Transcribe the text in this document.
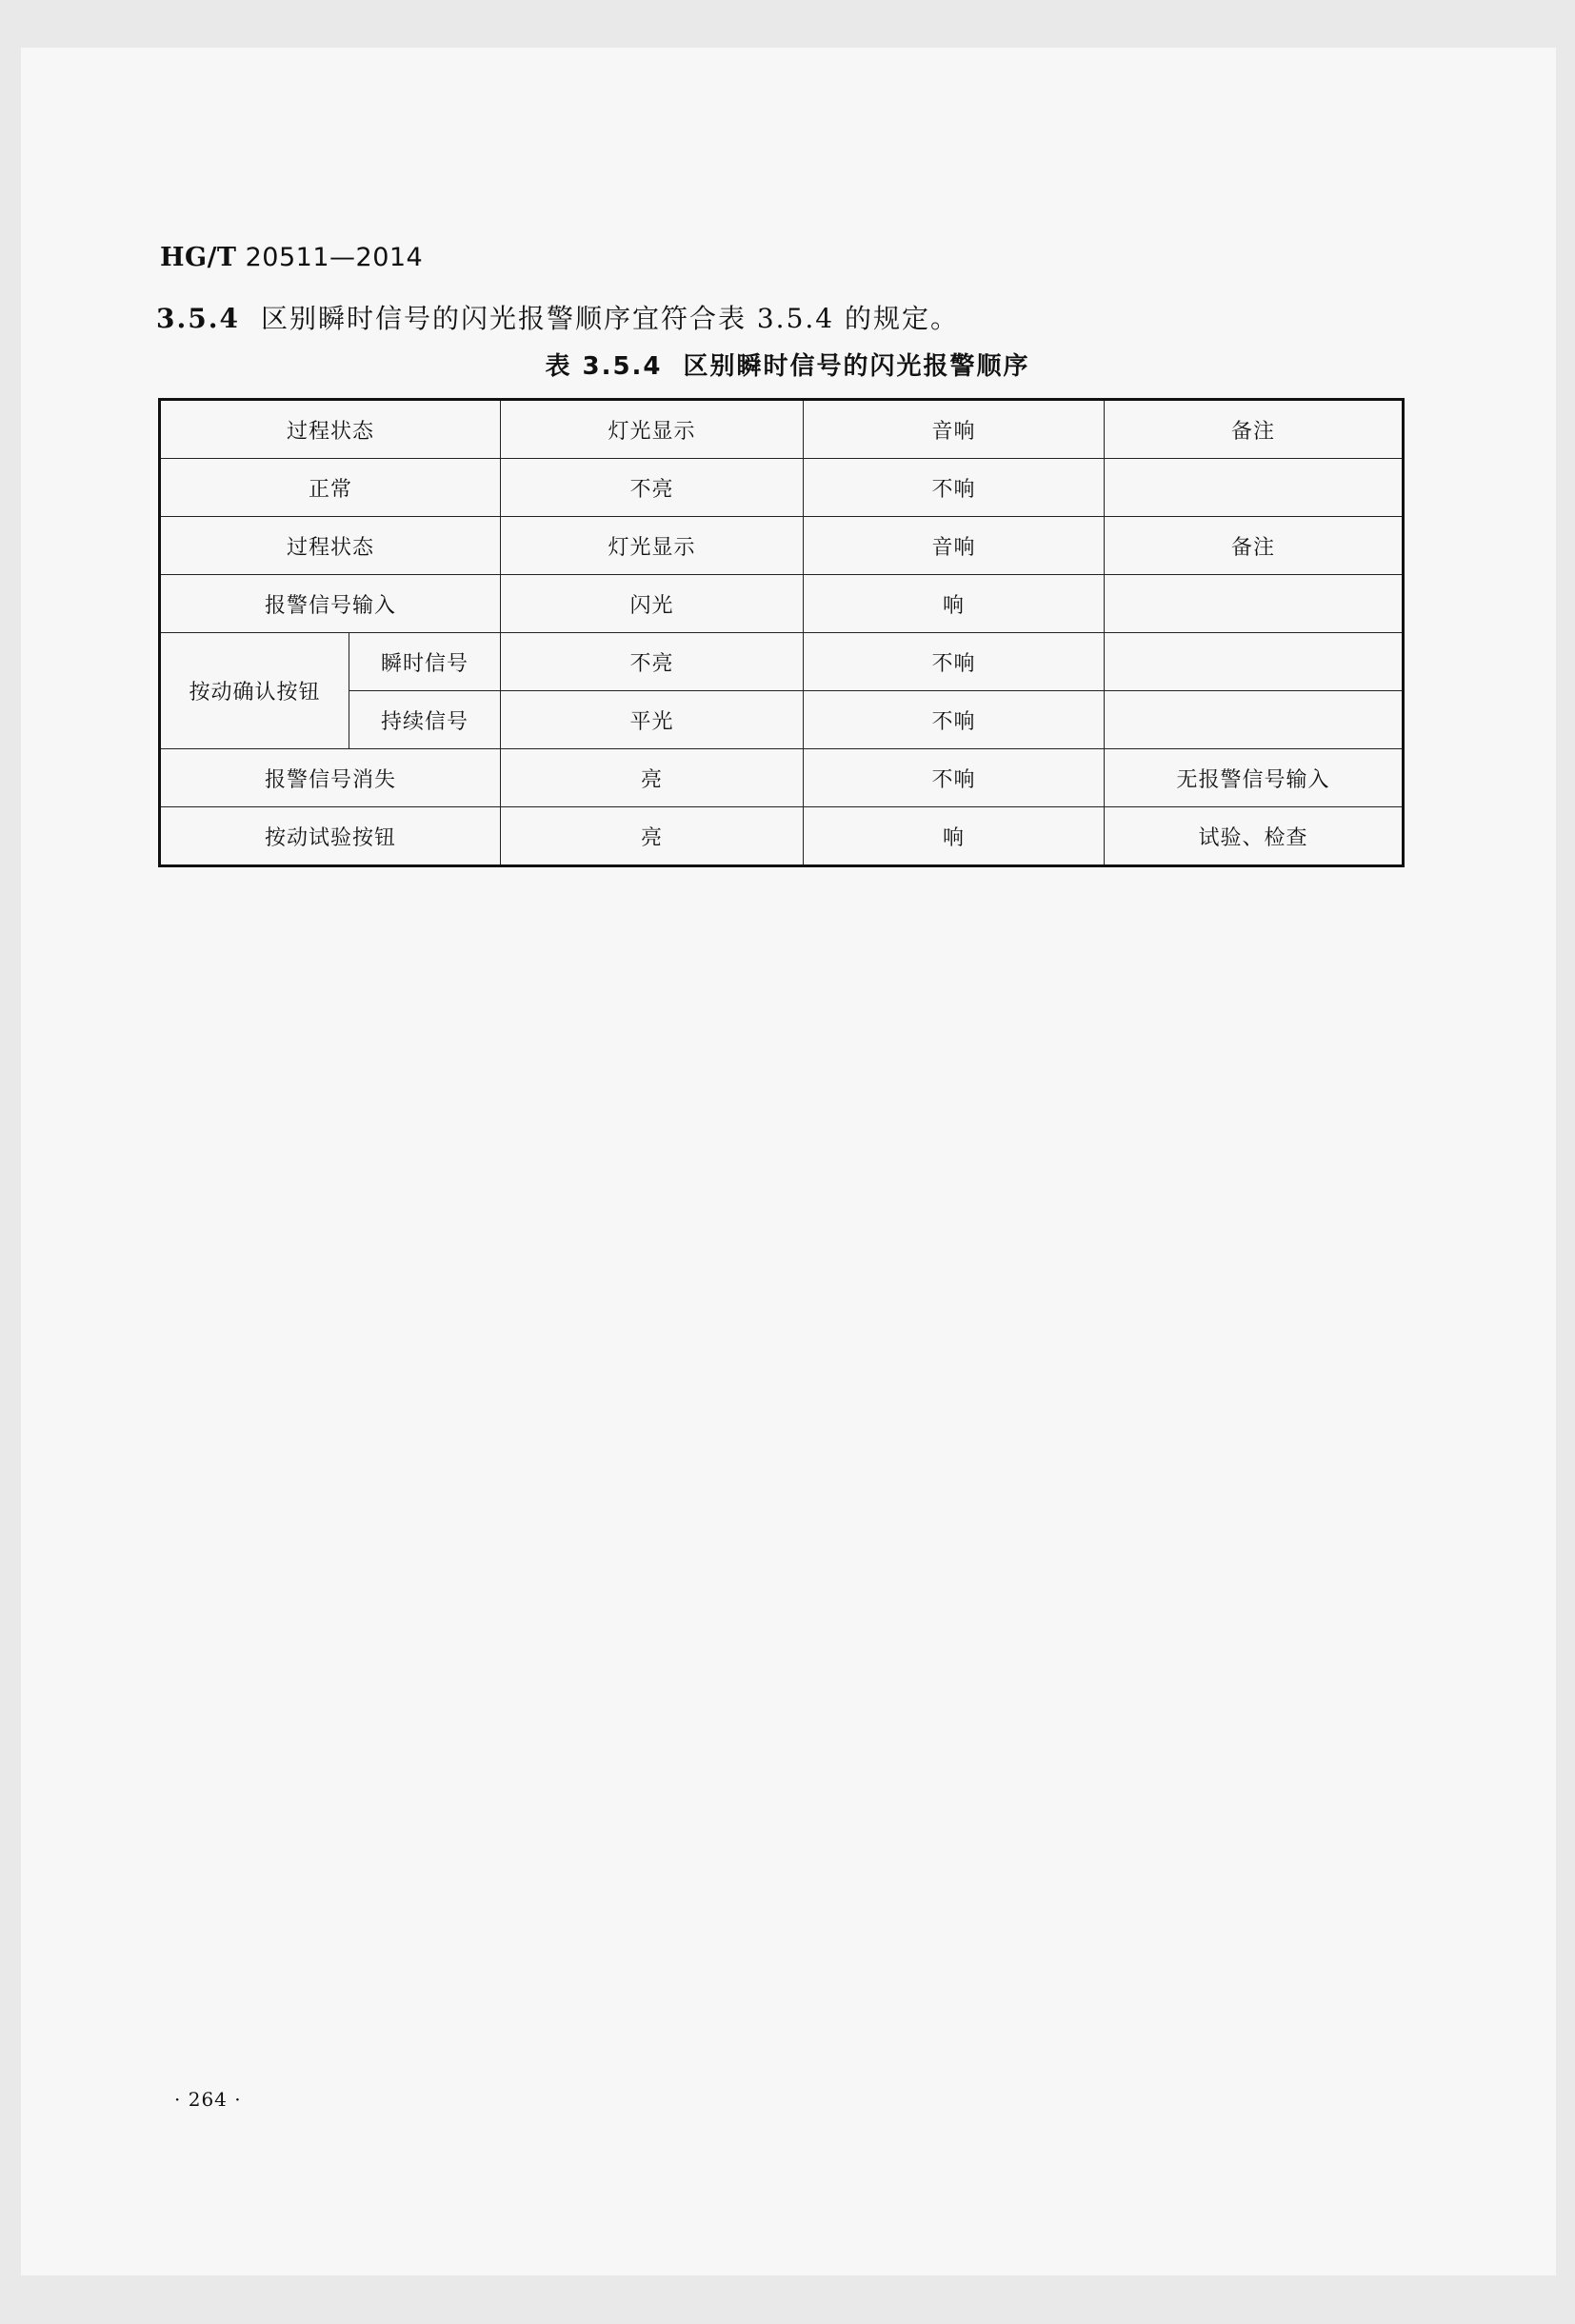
HG/T 20511—2014
3.5.4 区别瞬时信号的闪光报警顺序宜符合表 3.5.4 的规定。
表 3.5.4 区别瞬时信号的闪光报警顺序
过程状态		灯光显示	音响	备注
正常		不亮	不响	
过程状态		灯光显示	音响	备注
报警信号输入		闪光	响	
按动确认按钮	瞬时信号	不亮	不响	
	持续信号	平光	不响	
报警信号消失		亮	不响	无报警信号输入
按动试验按钮		亮	响	试验、检查
· 264 ·
